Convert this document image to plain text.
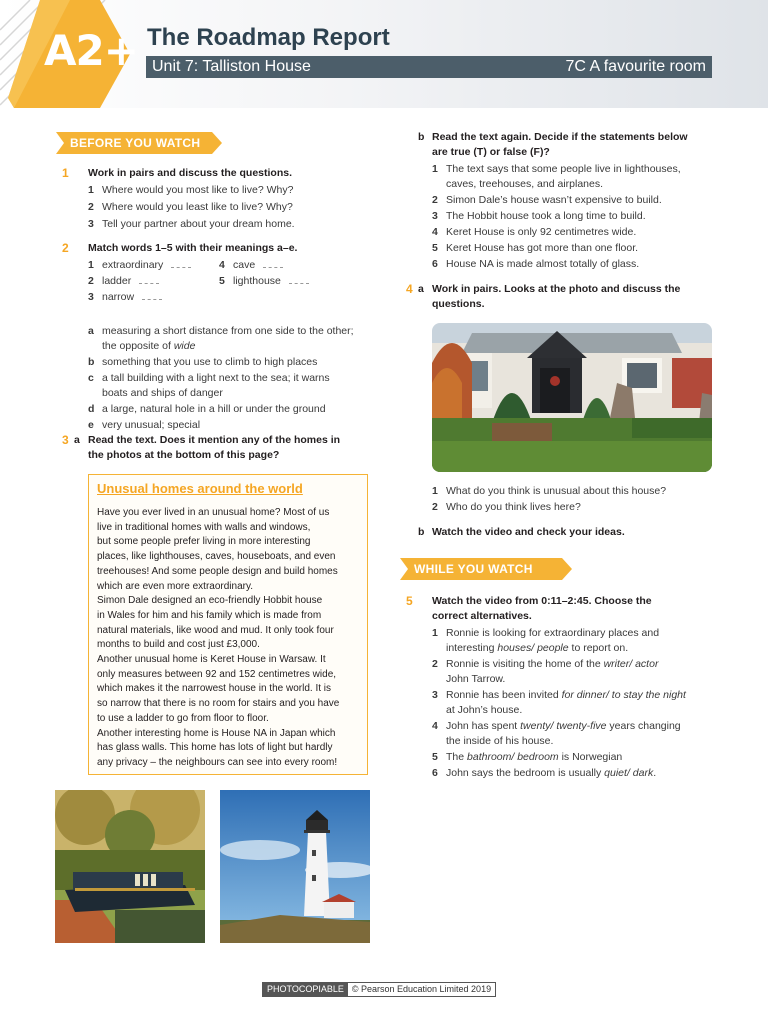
A2+ The Roadmap Report
Unit 7: Talliston House	7C A favourite room
BEFORE YOU WATCH
1 Work in pairs and discuss the questions.
1 Where would you most like to live? Why?
2 Where would you least like to live? Why?
3 Tell your partner about your dream home.
2 Match words 1–5 with their meanings a–e.
1 extraordinary
2 ladder
3 narrow
4 cave
5 lighthouse
a measuring a short distance from one side to the other;
the opposite of wide
b something that you use to climb to high places
c a tall building with a light next to the sea; it warns
boats and ships of danger
d a large, natural hole in a hill or under the ground
e very unusual; special
3 a Read the text. Does it mention any of the homes in
the photos at the bottom of this page?
Unusual homes around the world

Have you ever lived in an unusual home? Most of us

live in traditional homes with walls and windows,

but some people prefer living in more interesting

places, like lighthouses, caves, houseboats, and even

treehouses! And some people design and build homes

which are even more extraordinary.

Simon Dale designed an eco-friendly Hobbit house

in Wales for him and his family which is made from

natural materials, like wood and mud. It only took four

months to build and cost just £3,000.

Another unusual home is Keret House in Warsaw. It

only measures between 92 and 152 centimetres wide,

which makes it the narrowest house in the world. It is

so narrow that there is no room for stairs and you have

to use a ladder to go from floor to floor.

Another interesting home is House NA in Japan which

has glass walls. This home has lots of light but hardly

any privacy – the neighbours can see into every room!

b Read the text again. Decide if the statements below
are true (T) or false (F)?
1 The text says that some people live in lighthouses,
caves, treehouses, and airplanes.
2 Simon Dale’s house wasn’t expensive to build.
3 The Hobbit house took a long time to build.
4 Keret House is only 92 centimetres wide.
5 Keret House has got more than one floor.
6 House NA is made almost totally of glass.
4 a Work in pairs. Looks at the photo and discuss the
questions.
1 What do you think is unusual about this house?
2 Who do you think lives here?
b Watch the video and check your ideas.
WHILE YOU WATCH
5 Watch the video from 0:11–2:45. Choose the
correct alternatives.
1 Ronnie is looking for extraordinary places and
interesting houses/ people to report on.
2 Ronnie is visiting the home of the writer/ actor
John Tarrow.
3 Ronnie has been invited for dinner/ to stay the night
at John’s house.
4 John has spent twenty/ twenty-five years changing
the inside of his house.
5 The bathroom/ bedroom is Norwegian
6 John says the bedroom is usually quiet/ dark.
PHOTOCOPIABLE © Pearson Education Limited 2019
